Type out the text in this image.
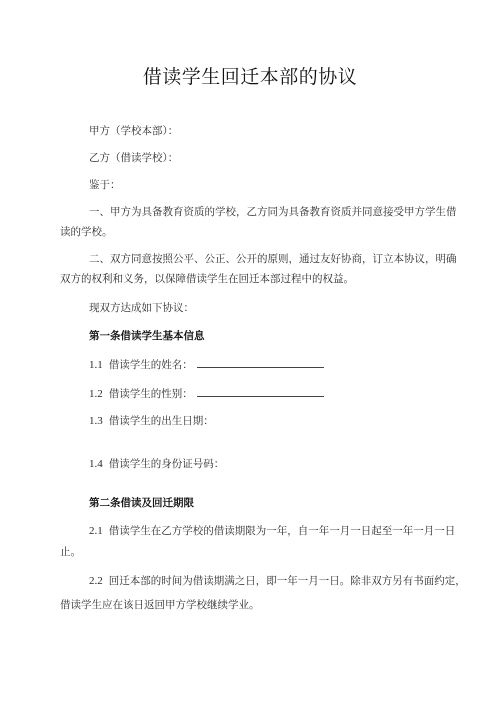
借读学生回迁本部的协议
甲方（学校本部）：
乙方（借读学校）：
鉴于：
一、甲方为具备教育资质的学校，乙方同为具备教育资质并同意接受甲方学生借
读的学校。
二、双方同意按照公平、公正、公开的原则，通过友好协商，订立本协议，明确
双方的权利和义务，以保障借读学生在回迁本部过程中的权益。
现双方达成如下协议：
第一条借读学生基本信息
1.1 借读学生的姓名：
1.2 借读学生的性别：
1.3 借读学生的出生日期：
1.4 借读学生的身份证号码：
第二条借读及回迁期限
2.1 借读学生在乙方学校的借读期限为一年，自一年一月一日起至一年一月一日
止。
2.2 回迁本部的时间为借读期满之日，即一年一月一日。除非双方另有书面约定，
借读学生应在该日返回甲方学校继续学业。
